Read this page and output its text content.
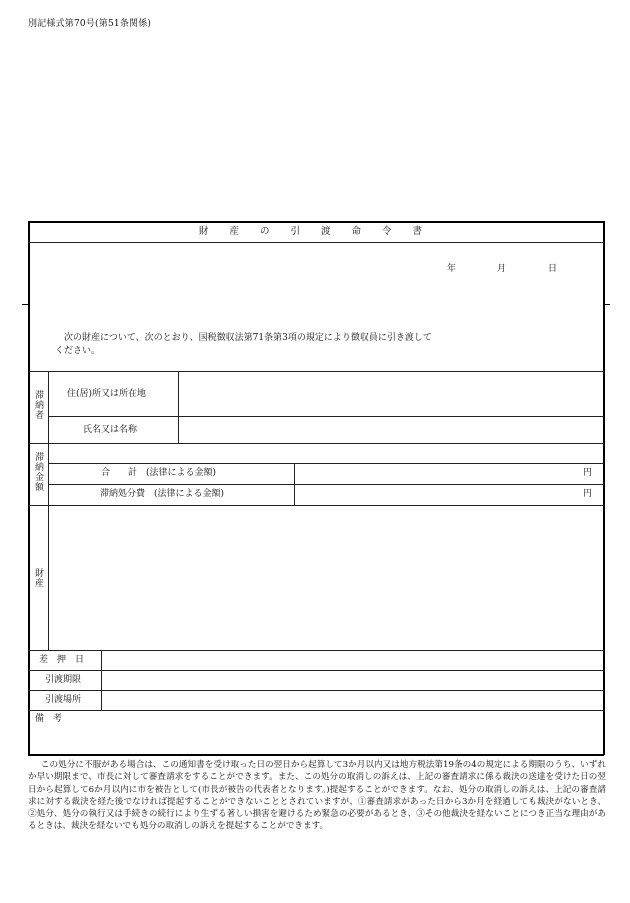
別記様式第70号(第51条関係)
財 産 の 引 渡 命 令 書
年	月	日
次の財産について、次のとおり、国税徴収法第71条第3項の規定により徴収員に引き渡して
ください。
滞納者	住(居)所又は所在地
氏名又は名称
滞納金額	合　　計　(法律による金額)	円
滞納処分費　(法律による金額)	円
財産
差　押　日
引渡期限
引渡場所
備　考

この処分に不服がある場合は、この通知書を受け取った日の翌日から起算して3か月以内又は地方税法第19条の4の規定による期限のうち、いずれか早い期限まで、市長に対して審査請求をすることができます。また、この処分の取消しの訴えは、上記の審査請求に係る裁決の送達を受けた日の翌日から起算して6か月以内に市を被告として(市長が被告の代表者となります。)提起することができます。なお、処分の取消しの訴えは、上記の審査請求に対する裁決を経た後でなければ提起することができないこととされていますが、①審査請求があった日から3か月を経過しても裁決がないとき、②処分、処分の執行又は手続きの続行により生ずる著しい損害を避けるため緊急の必要があるとき、③その他裁決を経ないことにつき正当な理由があるときは、裁決を経ないでも処分の取消しの訴えを提起することができます。
